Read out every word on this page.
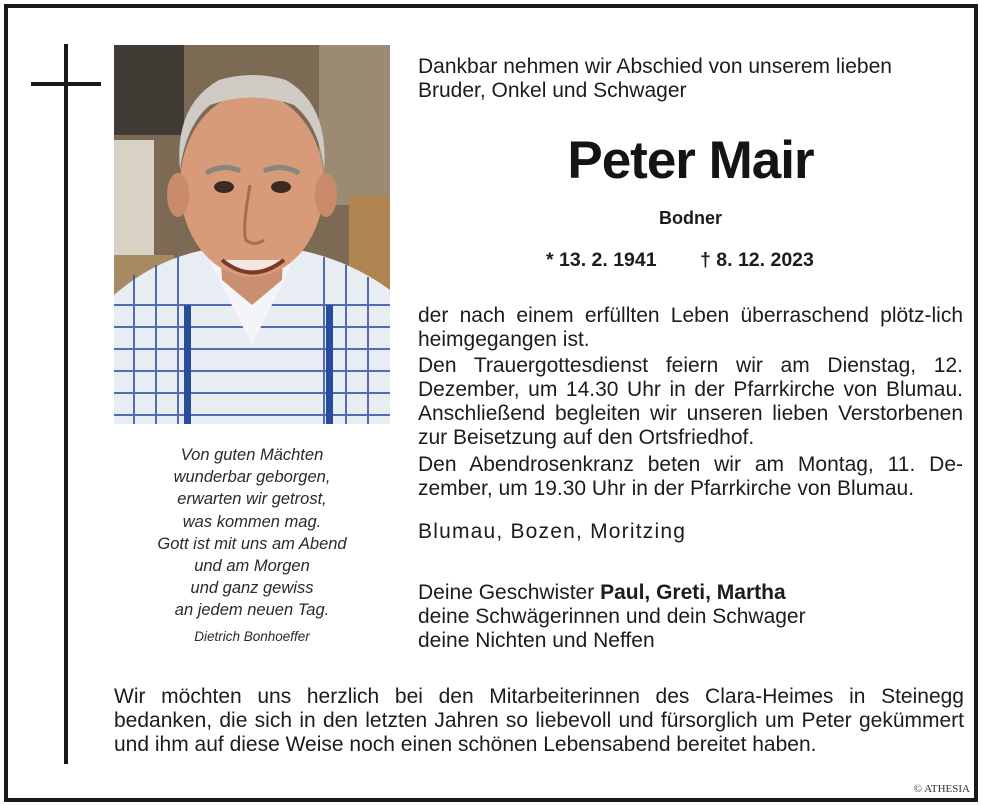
Von guten Mächten
wunderbar geborgen,
erwarten wir getrost,
was kommen mag.
Gott ist mit uns am Abend
und am Morgen
und ganz gewiss
an jedem neuen Tag.
Dietrich Bonhoeffer
Dankbar nehmen wir Abschied von unserem lieben
Bruder, Onkel und Schwager
Peter Mair
Bodner
* 13. 2. 1941 † 8. 12. 2023
der nach einem erfüllten Leben überraschend plötz-lich heimgegangen ist.
Den Trauergottesdienst feiern wir am Dienstag, 12. Dezember, um 14.30 Uhr in der Pfarrkirche von Blumau. Anschließend begleiten wir unseren lieben Verstorbenen zur Beisetzung auf den Ortsfriedhof.
Den Abendrosenkranz beten wir am Montag, 11. De-zember, um 19.30 Uhr in der Pfarrkirche von Blumau.
Blumau, Bozen, Moritzing
Deine Geschwister Paul, Greti, Martha
deine Schwägerinnen und dein Schwager
deine Nichten und Neffen
Wir möchten uns herzlich bei den Mitarbeiterinnen des Clara-Heimes in Steinegg bedanken, die sich in den letzten Jahren so liebevoll und fürsorglich um Peter gekümmert und ihm auf diese Weise noch einen schönen Lebensabend bereitet haben.
© ATHESIA
